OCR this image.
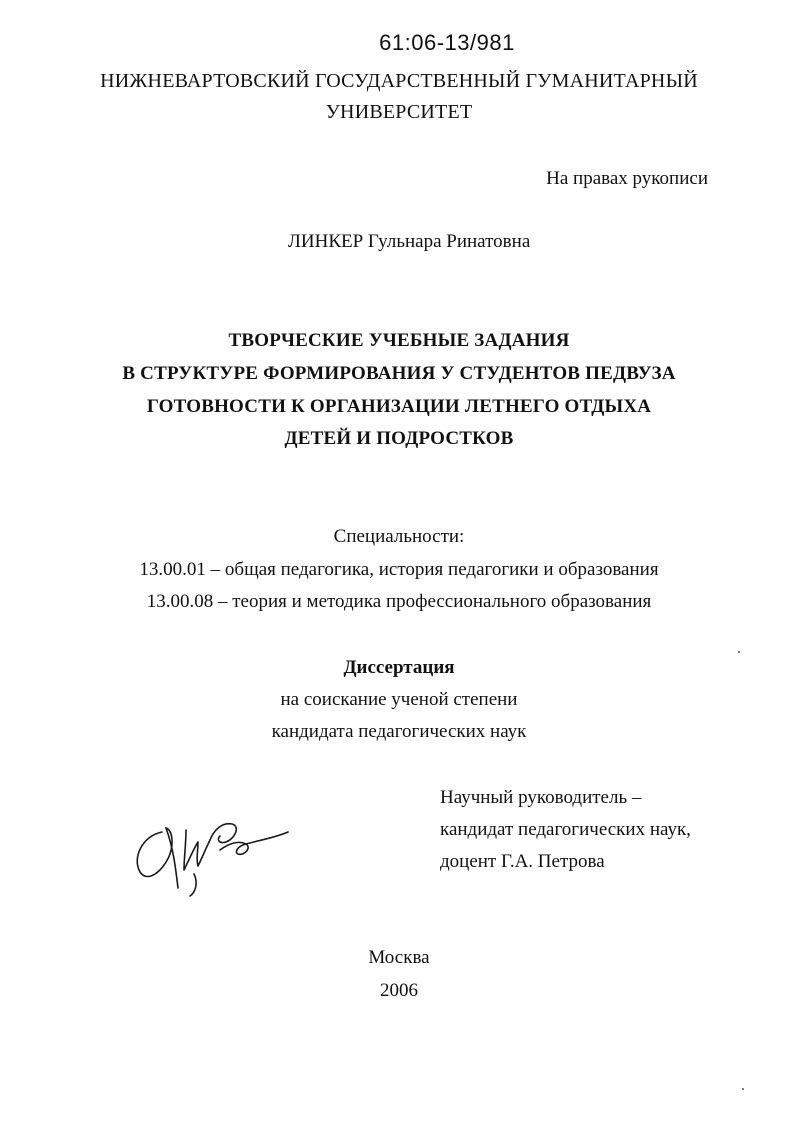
61:06-13/981
НИЖНЕВАРТОВСКИЙ ГОСУДАРСТВЕННЫЙ ГУМАНИТАРНЫЙ
УНИВЕРСИТЕТ
На правах рукописи
ЛИНКЕР Гульнара Ринатовна
ТВОРЧЕСКИЕ УЧЕБНЫЕ ЗАДАНИЯ
В СТРУКТУРЕ ФОРМИРОВАНИЯ У СТУДЕНТОВ ПЕДВУЗА
ГОТОВНОСТИ К ОРГАНИЗАЦИИ ЛЕТНЕГО ОТДЫХА
ДЕТЕЙ И ПОДРОСТКОВ
Специальности:
13.00.01 – общая педагогика, история педагогики и образования
13.00.08 – теория и методика профессионального образования
Диссертация
на соискание ученой степени
кандидата педагогических наук
Научный руководитель –
кандидат педагогических наук,
доцент Г.А. Петрова
Москва
2006
